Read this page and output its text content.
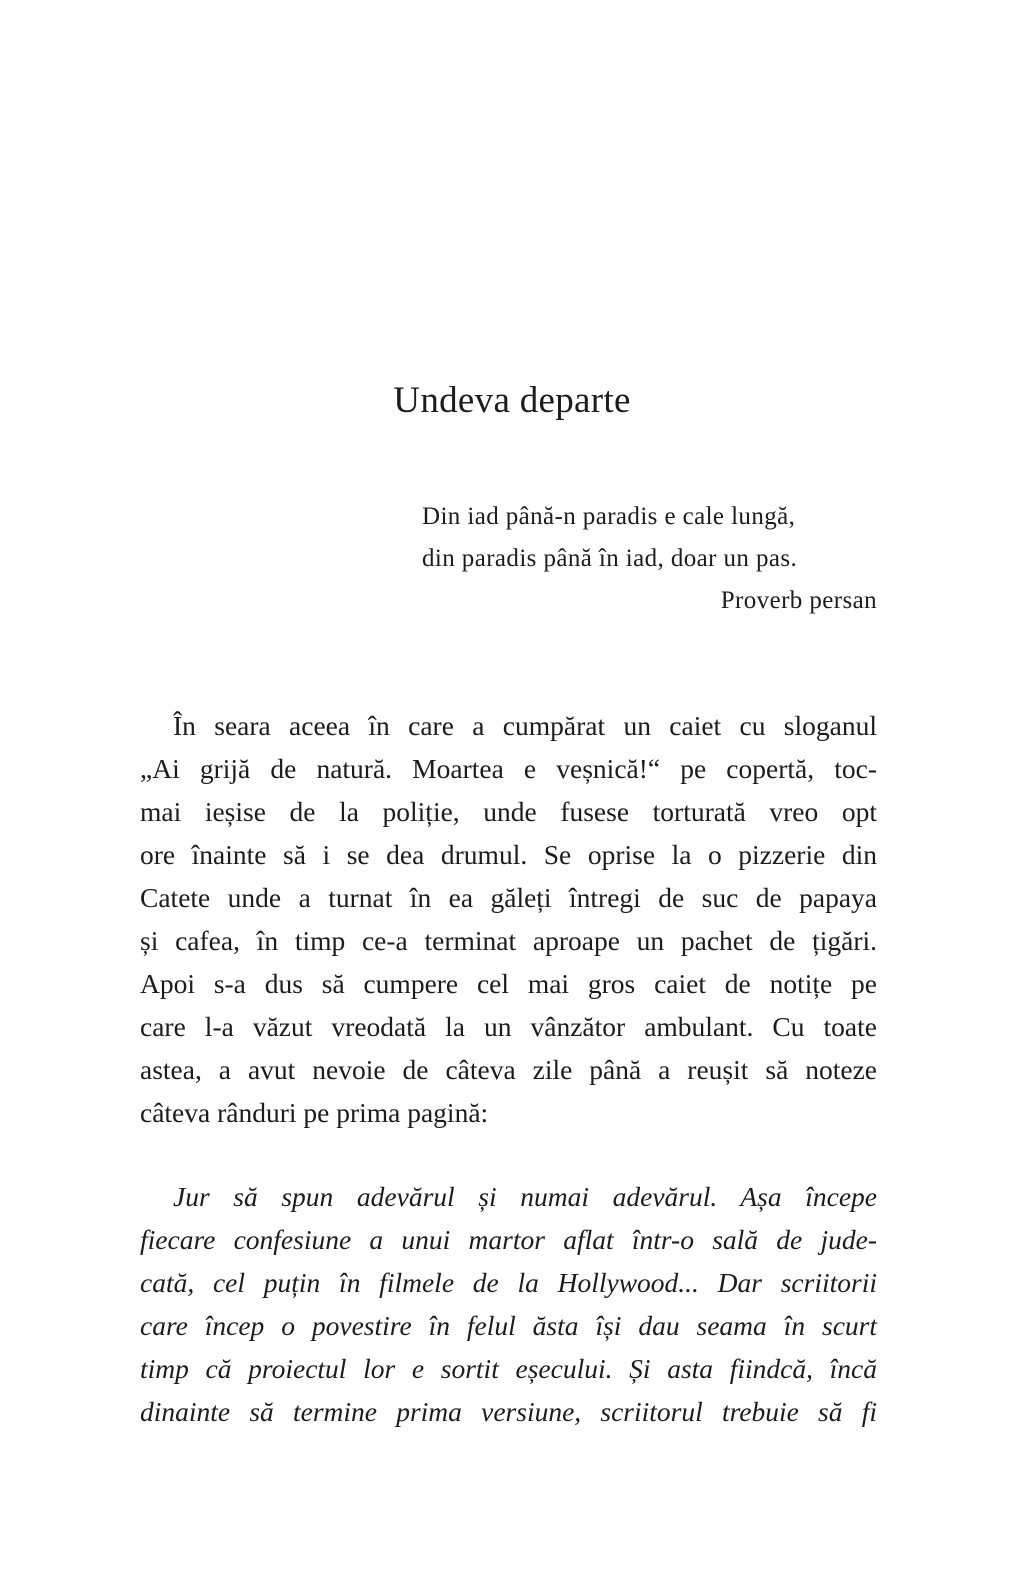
Undeva departe
Din iad până-n paradis e cale lungă,
din paradis până în iad, doar un pas.
Proverb persan
În seara aceea în care a cumpărat un caiet cu sloganul
„Ai grijă de natură. Moartea e veșnică!“ pe copertă, toc-
mai ieșise de la poliție, unde fusese torturată vreo opt
ore înainte să i se dea drumul. Se oprise la o pizzerie din
Catete unde a turnat în ea găleți întregi de suc de papaya
și cafea, în timp ce-a terminat aproape un pachet de țigări.
Apoi s-a dus să cumpere cel mai gros caiet de notițe pe
care l-a văzut vreodată la un vânzător ambulant. Cu toate
astea, a avut nevoie de câteva zile până a reușit să noteze
câteva rânduri pe prima pagină:
Jur să spun adevărul și numai adevărul. Așa începe
fiecare confesiune a unui martor aflat într-o sală de jude-
cată, cel puțin în filmele de la Hollywood... Dar scriitorii
care încep o povestire în felul ăsta își dau seama în scurt
timp că proiectul lor e sortit eșecului. Și asta fiindcă, încă
dinainte să termine prima versiune, scriitorul trebuie să fi
